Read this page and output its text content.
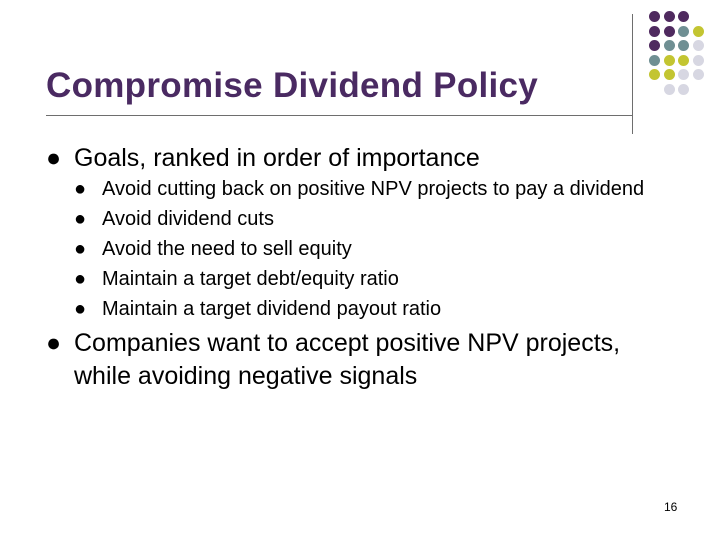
Compromise Dividend Policy
● Goals, ranked in order of importance
● Avoid cutting back on positive NPV projects to pay a dividend
● Avoid dividend cuts
● Avoid the need to sell equity
● Maintain a target debt/equity ratio
● Maintain a target dividend payout ratio
● Companies want to accept positive NPV projects, while avoiding negative signals
16
